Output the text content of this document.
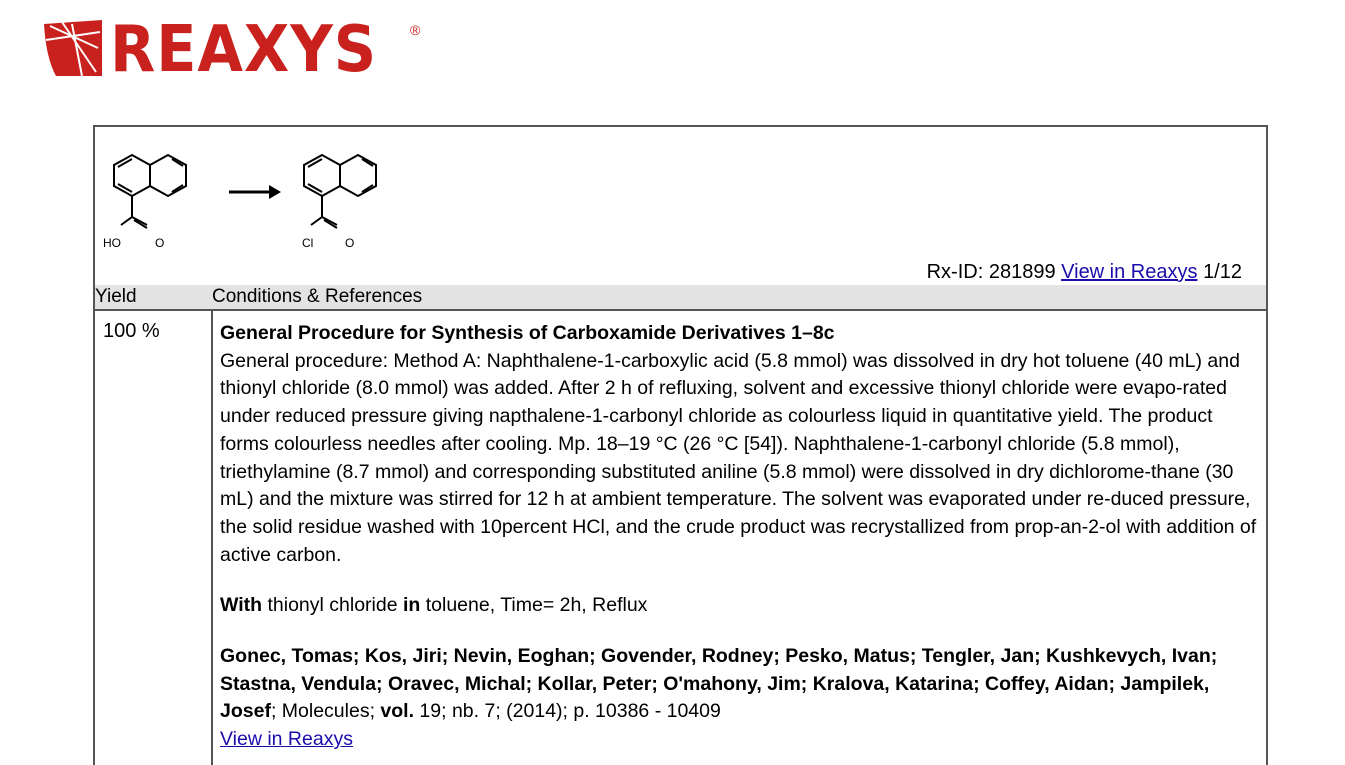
REAXYS ®
HO	O	Cl	O
Rx-ID: 281899 View in Reaxys 1/12
Yield	Conditions & References
100 %	General Procedure for Synthesis of Carboxamide Derivatives 1–8c

General procedure: Method A: Naphthalene-1-carboxylic acid (5.8 mmol) was dissolved in dry hot toluene (40 mL) and thionyl chloride (8.0 mmol) was added. After 2 h of refluxing, solvent and excessive thionyl chloride were evapo-rated under reduced pressure giving napthalene-1-carbonyl chloride as colourless liquid in quantitative yield. The product forms colourless needles after cooling. Mp. 18–19 °C (26 °C [54]). Naphthalene-1-carbonyl chloride (5.8 mmol), triethylamine (8.7 mmol) and corresponding substituted aniline (5.8 mmol) were dissolved in dry dichlorome-thane (30 mL) and the mixture was stirred for 12 h at ambient temperature. The solvent was evaporated under re-duced pressure, the solid residue washed with 10percent HCl, and the crude product was recrystallized from prop-an-2-ol with addition of active carbon.

With thionyl chloride in toluene, Time= 2h, Reflux

Gonec, Tomas; Kos, Jiri; Nevin, Eoghan; Govender, Rodney; Pesko, Matus; Tengler, Jan; Kushkevych, Ivan; Stastna, Vendula; Oravec, Michal; Kollar, Peter; O'mahony, Jim; Kralova, Katarina; Coffey, Aidan; Jampilek, Josef; Molecules; vol. 19; nb. 7; (2014); p. 10386 - 10409

View in Reaxys
